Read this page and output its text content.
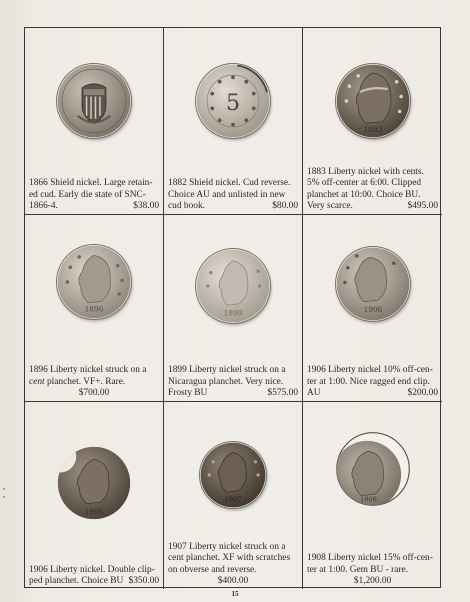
1866 Shield nickel. Large retain-
ed cud. Early die state of SNC-
1866-4.	$38.00
5
1882 Shield nickel. Cud reverse.
Choice AU and unlisted in new
cud book.	$80.00
1883
1883 Liberty nickel with cents.
5% off-center at 6:00. Clipped
planchet at 10:00. Choice BU.
Very scarce.	$495.00
1896
1896 Liberty nickel struck on a
cent planchet. VF+. Rare.
$700.00
1899
1899 Liberty nickel struck on a
Nicaragua planchet. Very nice.
Frosty BU	$575.00
1906
1906 Liberty nickel 10% off-cen-
ter at 1:00. Nice ragged end clip.
AU	$200.00
1906
1906 Liberty nickel. Double clip-
ped planchet. Choice BU $350.00
1907
1907 Liberty nickel struck on a
cent planchet. XF with scratches
on obverse and reverse.
$400.00
1908
1908 Liberty nickel 15% off-cen-
ter at 1:00. Gem BU - rare.
$1,200.00
15
